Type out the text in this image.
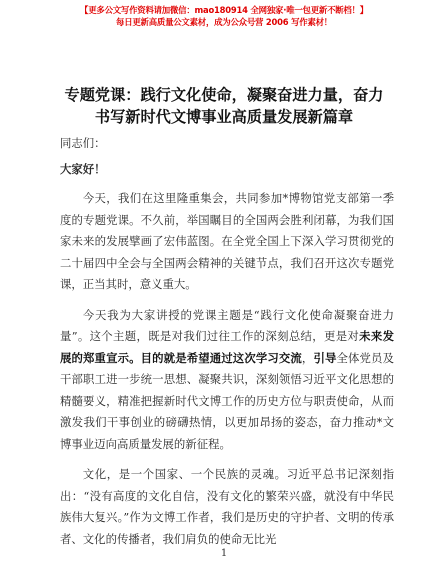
【更多公文写作资料请加微信：mao180914 全网独家·唯一包更新不断档！】
每日更新高质量公文素材，成为公众号营 2006 写作素材！
专题党课：践行文化使命，凝聚奋进力量，奋力书写新时代文博事业高质量发展新篇章

同志们：

大家好！

今天，我们在这里隆重集会，共同参加*博物馆党支部第一季度的专题党课。不久前，举国瞩目的全国两会胜利闭幕，为我们国家未来的发展擘画了宏伟蓝图。在全党全国上下深入学习贯彻党的二十届四中全会与全国两会精神的关键节点，我们召开这次专题党课，正当其时，意义重大。

今天我为大家讲授的党课主题是“践行文化使命凝聚奋进力量”。这个主题，既是对我们过往工作的深刻总结，更是对未来发展的郑重宣示。目的就是希望通过这次学习交流，引导全体党员及干部职工进一步统一思想、凝聚共识，深刻领悟习近平文化思想的精髓要义，精准把握新时代文博工作的历史方位与职责使命，从而激发我们干事创业的磅礴热情，以更加昂扬的姿态，奋力推动*文博事业迈向高质量发展的新征程。

文化，是一个国家、一个民族的灵魂。习近平总书记深刻指出：“没有高度的文化自信，没有文化的繁荣兴盛，就没有中华民族伟大复兴。”作为文博工作者，我们是历史的守护者、文明的传承者、文化的传播者，我们肩负的使命无比光

1
